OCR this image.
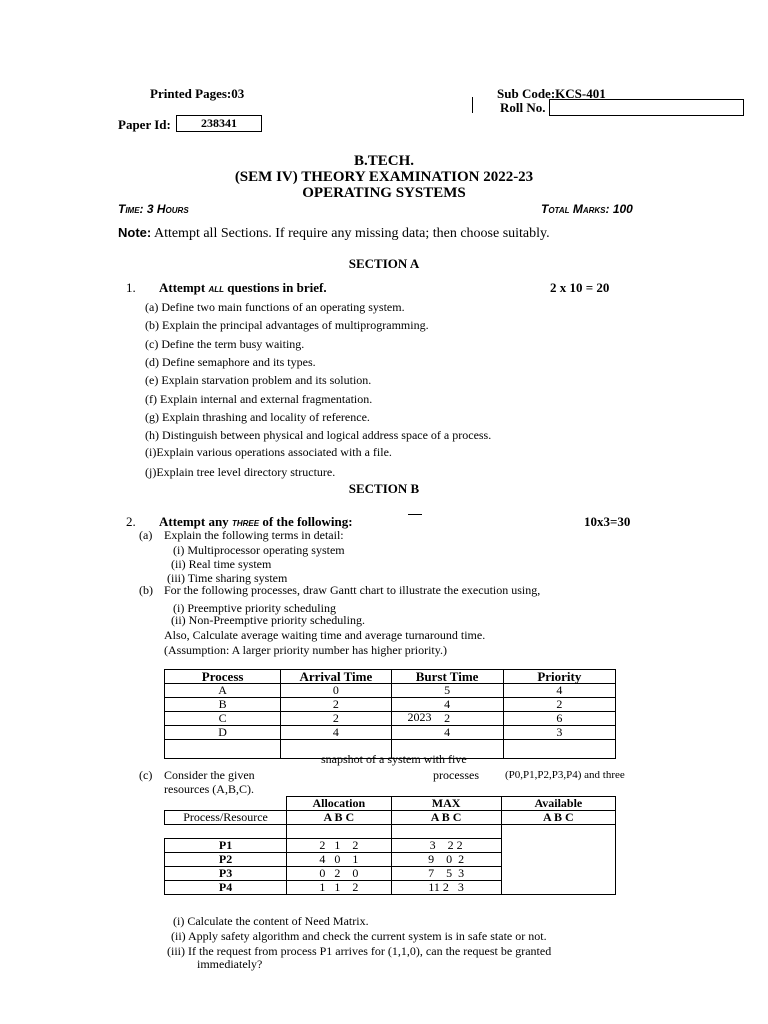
Printed Pages:03	Sub Code:KCS-401
Roll No.
Paper Id:	238341
B.TECH.
(SEM IV) THEORY EXAMINATION 2022-23
OPERATING SYSTEMS
Time: 3 Hours	Total Marks: 100
Note: Attempt all Sections. If require any missing data; then choose suitably.
SECTION A
1. Attempt ALL questions in brief.	2 x 10 = 20
(a) Define two main functions of an operating system.
(b) Explain the principal advantages of multiprogramming.
(c) Define the term busy waiting.
(d) Define semaphore and its types.
(e) Explain starvation problem and its solution.
(f) Explain internal and external fragmentation.
(g) Explain thrashing and locality of reference.
(h) Distinguish between physical and logical address space of a process.
(i)Explain various operations associated with a file.
(j)Explain tree level directory structure.
SECTION B
2. Attempt any THREE of the following:	10x3=30
(a) Explain the following terms in detail:
(i) Multiprocessor operating system
(ii) Real time system
(iii) Time sharing system
(b) For the following processes, draw Gantt chart to illustrate the execution using,
(i) Preemptive priority scheduling
(ii) Non-Preemptive priority scheduling.
Also, Calculate average waiting time and average turnaround time.
(Assumption: A larger priority number has higher priority.)
Process	Arrival Time	Burst Time	Priority
A	0	5	4
B	2	4	2
C	2	2023 2	6
D	4	4	3

snapshot of a system with five
(c) Consider the given	processes (P0,P1,P2,P3,P4) and three
resources (A,B,C).
	Allocation	MAX	Available
Process/Resource	A B C	A B C	A B C

P1	2 1 2	3 2 2	
P2	4 0 1	9 0 2	
P3	0 2 0	7 5 3	
P4	1 1 2	11 2 3	
(i) Calculate the content of Need Matrix.
(ii) Apply safety algorithm and check the current system is in safe state or not.
(iii) If the request from process P1 arrives for (1,1,0), can the request be granted
immediately?
